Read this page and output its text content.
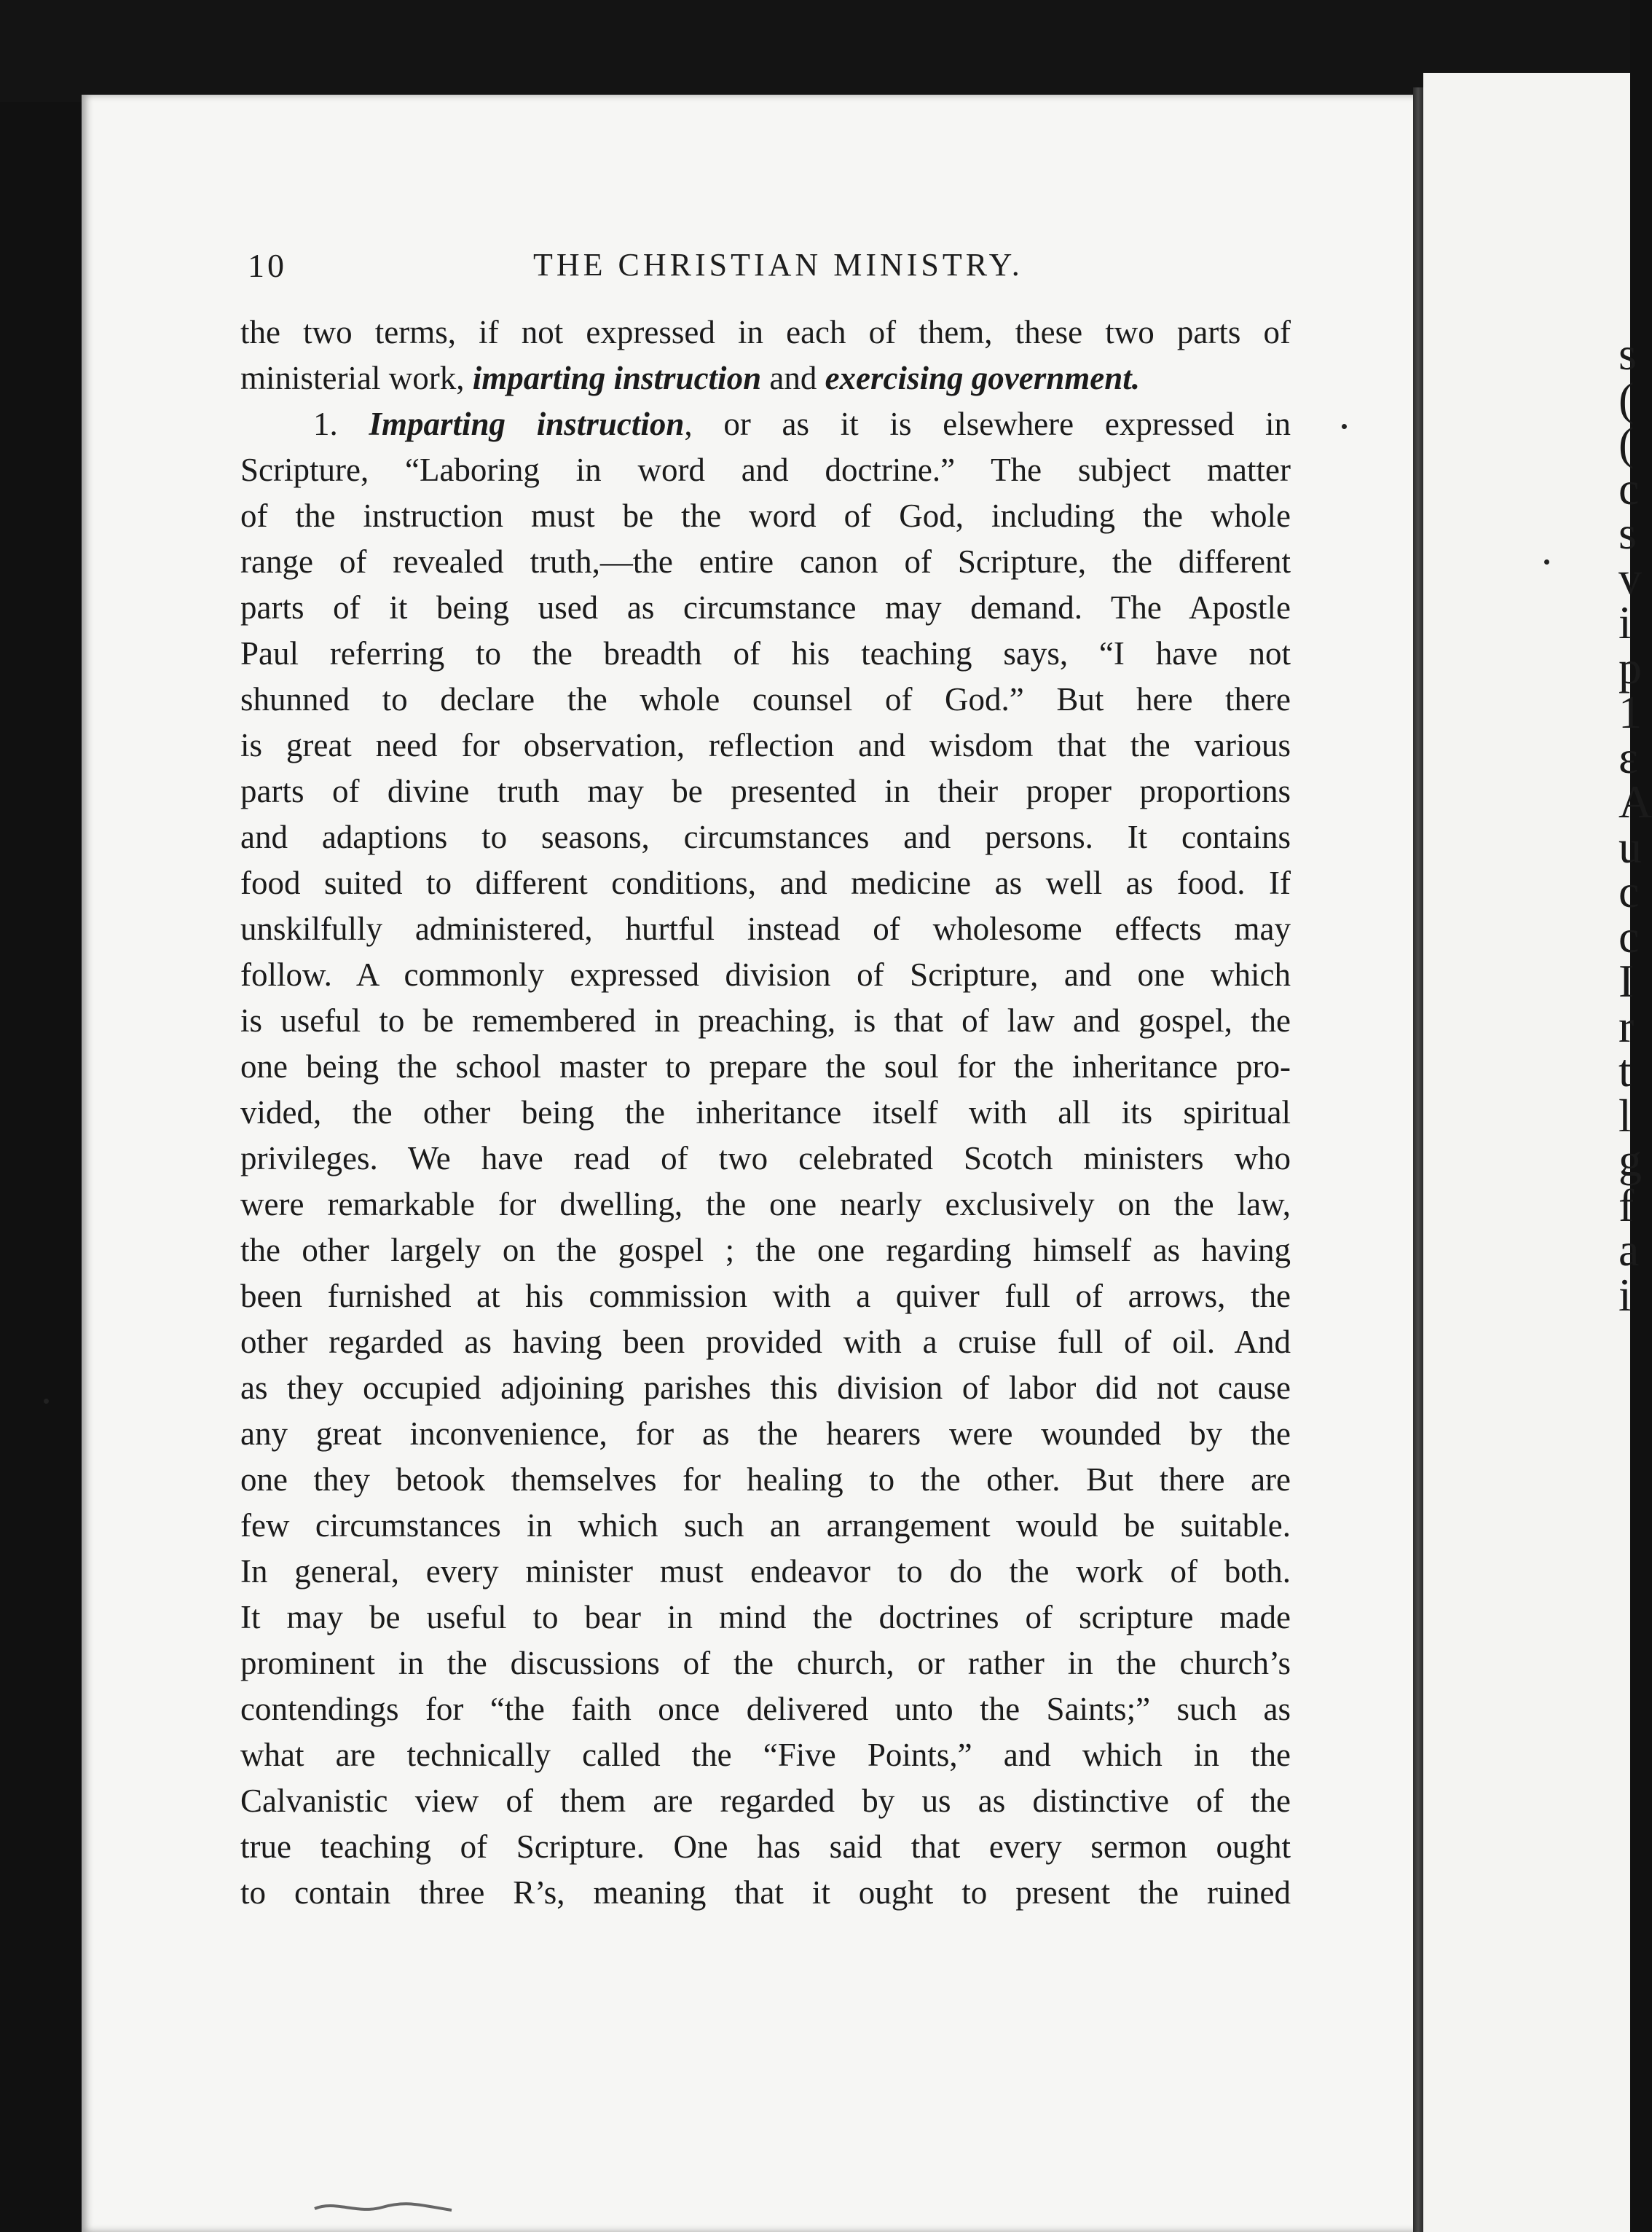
s
(
(
c
s
v
i
p
1
ɛ
A
u
c
c
I
r
t
l
g
f
a
i
10	THE CHRISTIAN MINISTRY.
the two terms, if not expressed in each of them, these two parts of
ministerial work, imparting instruction and exercising government.
1. Imparting instruction, or as it is elsewhere expressed in
Scripture, “Laboring in word and doctrine.” The subject matter
of the instruction must be the word of God, including the whole
range of revealed truth,—the entire canon of Scripture, the different
parts of it being used as circumstance may demand. The Apostle
Paul referring to the breadth of his teaching says, “I have not
shunned to declare the whole counsel of God.” But here there
is great need for observation, reflection and wisdom that the various
parts of divine truth may be presented in their proper proportions
and adaptions to seasons, circumstances and persons. It contains
food suited to different conditions, and medicine as well as food. If
unskilfully administered, hurtful instead of wholesome effects may
follow. A commonly expressed division of Scripture, and one which
is useful to be remembered in preaching, is that of law and gospel, the
one being the school master to prepare the soul for the inheritance pro-
vided, the other being the inheritance itself with all its spiritual
privileges. We have read of two celebrated Scotch ministers who
were remarkable for dwelling, the one nearly exclusively on the law,
the other largely on the gospel ; the one regarding himself as having
been furnished at his commission with a quiver full of arrows, the
other regarded as having been provided with a cruise full of oil. And
as they occupied adjoining parishes this division of labor did not cause
any great inconvenience, for as the hearers were wounded by the
one they betook themselves for healing to the other. But there are
few circumstances in which such an arrangement would be suitable.
In general, every minister must endeavor to do the work of both.
It may be useful to bear in mind the doctrines of scripture made
prominent in the discussions of the church, or rather in the church’s
contendings for “the faith once delivered unto the Saints;” such as
what are technically called the “Five Points,” and which in the
Calvanistic view of them are regarded by us as distinctive of the
true teaching of Scripture. One has said that every sermon ought
to contain three R’s, meaning that it ought to present the ruined
